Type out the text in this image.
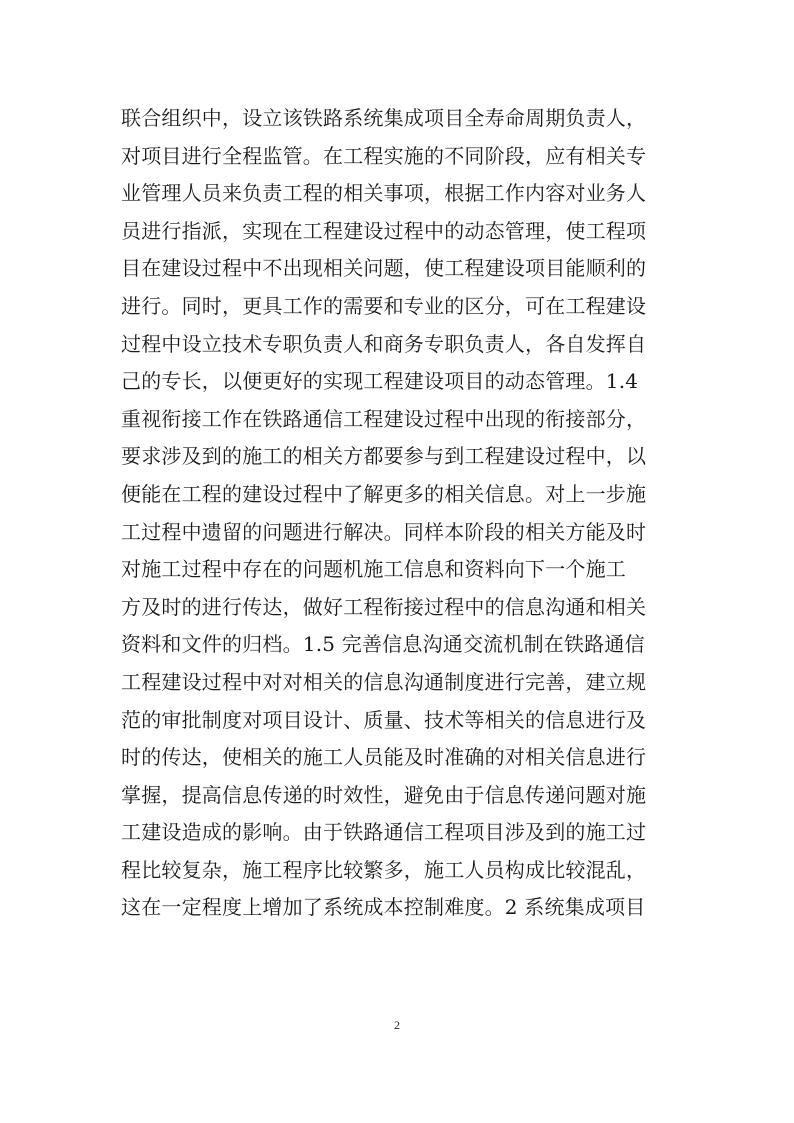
联合组织中，设立该铁路系统集成项目全寿命周期负责人，
对项目进行全程监管。在工程实施的不同阶段，应有相关专
业管理人员来负责工程的相关事项，根据工作内容对业务人
员进行指派，实现在工程建设过程中的动态管理，使工程项
目在建设过程中不出现相关问题，使工程建设项目能顺利的
进行。同时，更具工作的需要和专业的区分，可在工程建设
过程中设立技术专职负责人和商务专职负责人，各自发挥自
己的专长，以便更好的实现工程建设项目的动态管理。1.4
重视衔接工作在铁路通信工程建设过程中出现的衔接部分，
要求涉及到的施工的相关方都要参与到工程建设过程中，以
便能在工程的建设过程中了解更多的相关信息。对上一步施
工过程中遗留的问题进行解决。同样本阶段的相关方能及时
对施工过程中存在的问题机施工信息和资料向下一个施工
方及时的进行传达，做好工程衔接过程中的信息沟通和相关
资料和文件的归档。1.5 完善信息沟通交流机制在铁路通信
工程建设过程中对对相关的信息沟通制度进行完善，建立规
范的审批制度对项目设计、质量、技术等相关的信息进行及
时的传达，使相关的施工人员能及时准确的对相关信息进行
掌握，提高信息传递的时效性，避免由于信息传递问题对施
工建设造成的影响。由于铁路通信工程项目涉及到的施工过
程比较复杂，施工程序比较繁多，施工人员构成比较混乱，
这在一定程度上增加了系统成本控制难度。2 系统集成项目
2
